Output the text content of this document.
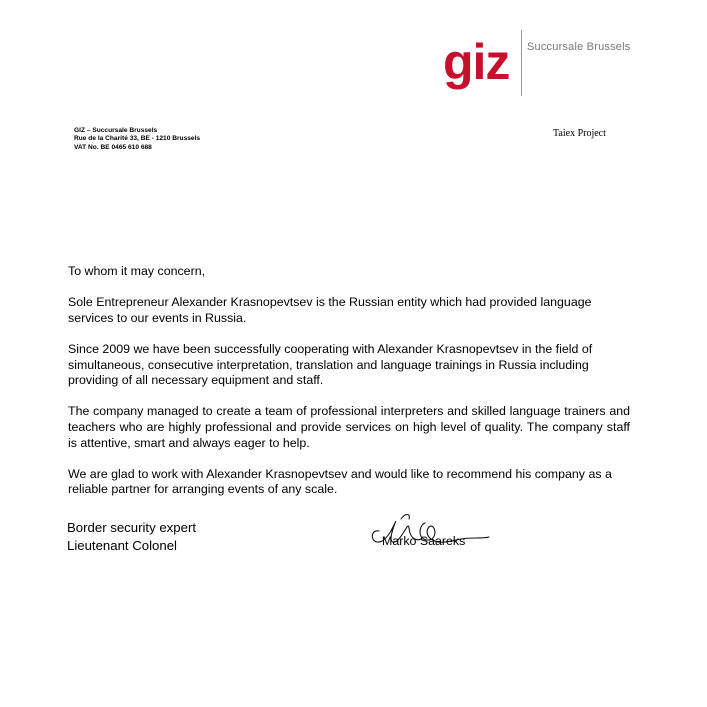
giz Succursale Brussels
GIZ – Succursale Brussels
Rue de la Charité 33, BE - 1210 Brussels
VAT No. BE 0465 610 688
Taiex Project

To whom it may concern,

Sole Entrepreneur Alexander Krasnopevtsev is the Russian entity which had provided language services to our events in Russia.

Since 2009 we have been successfully cooperating with Alexander Krasnopevtsev in the field of simultaneous, consecutive interpretation, translation and language trainings in Russia including providing of all necessary equipment and staff.

The company managed to create a team of professional interpreters and skilled language trainers and teachers who are highly professional and provide services on high level of quality. The company staff is attentive, smart and always eager to help.

We are glad to work with Alexander Krasnopevtsev and would like to recommend his company as a reliable partner for arranging events of any scale.

Border security expert
Lieutenant Colonel	Marko Saareks
